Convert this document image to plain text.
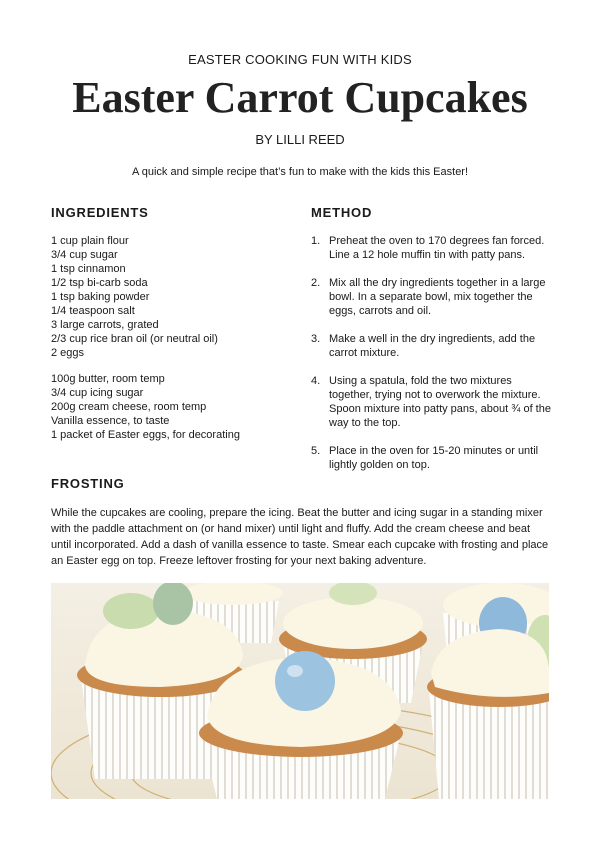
EASTER COOKING FUN WITH KIDS
Easter Carrot Cupcakes
BY LILLI REED

A quick and simple recipe that’s fun to make with the kids this Easter!

INGREDIENTS
1 cup plain flour
3/4 cup sugar
1 tsp cinnamon
1/2 tsp bi-carb soda
1 tsp baking powder
1/4 teaspoon salt
3 large carrots, grated
2/3 cup rice bran oil (or neutral oil)
2 eggs
100g butter, room temp
3/4 cup icing sugar
200g cream cheese, room temp
Vanilla essence, to taste
1 packet of Easter eggs, for decorating
METHOD
1. Preheat the oven to 170 degrees fan forced. Line a 12 hole muffin tin with patty pans.
2. Mix all the dry ingredients together in a large bowl. In a separate bowl, mix together the eggs, carrots and oil.
3. Make a well in the dry ingredients, add the carrot mixture.
4. Using a spatula, fold the two mixtures together, trying not to overwork the mixture. Spoon mixture into patty pans, about ¾ of the way to the top.
5. Place in the oven for 15-20 minutes or until lightly golden on top.
FROSTING

While the cupcakes are cooling, prepare the icing. Beat the butter and icing sugar in a standing mixer with the paddle attachment on (or hand mixer) until light and fluffy. Add the cream cheese and beat until incorporated. Add a dash of vanilla essence to taste. Smear each cupcake with frosting and place an Easter egg on top. Freeze leftover frosting for your next baking adventure.
